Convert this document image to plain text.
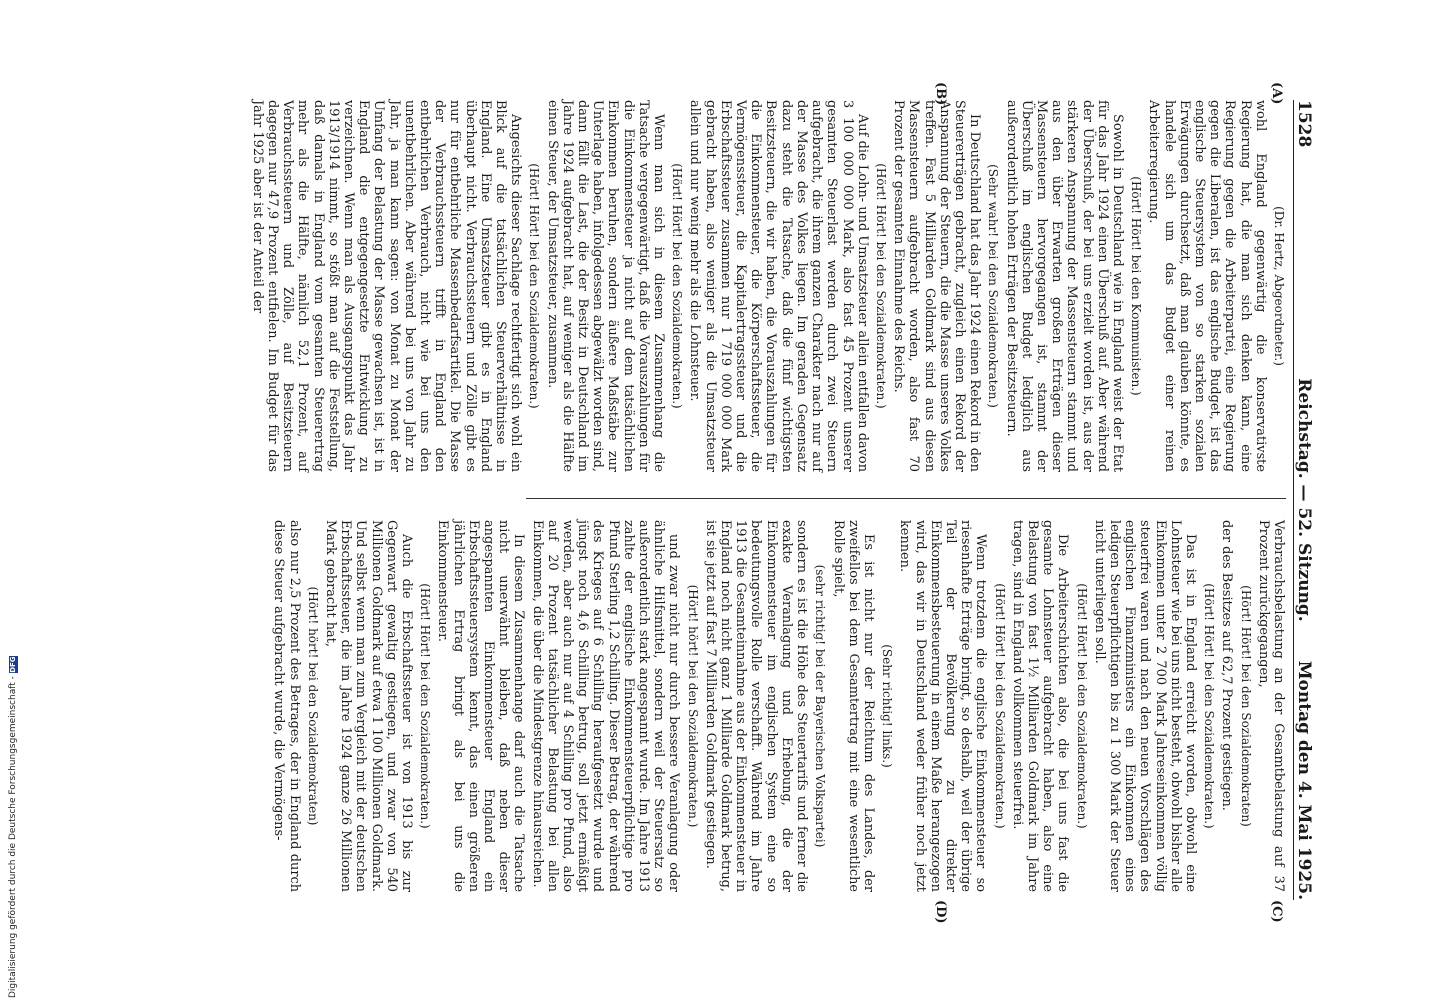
1528
Reichstag. — 52. Sitzung.
Montag den 4. Mai 1925.
(A)
(B)
(C)
(D)

(Dr. Hertz, Abgeordneter.)

wohl England gegenwärtig die konservativste Regierung hat, die man sich denken kann, eine Regierung gegen die Arbeiterpartei, eine Regierung gegen die Liberalen, ist das englische Budget, ist das englische Steuersystem von so starken sozialen Erwägungen durchsetzt, daß man glauben könnte, es handele sich um das Budget einer reinen Arbeiterregierung.

(Hört! Hört! bei den Kommunisten.)

Sowohl in Deutschland wie in England weist der Etat für das Jahr 1924 einen Überschuß auf. Aber während der Überschuß, der bei uns erzielt worden ist, aus der stärkeren Anspannung der Massensteuern stammt und aus den über Erwarten großen Erträgen dieser Massensteuern hervorgegangen ist, stammt der Überschuß im englischen Budget lediglich aus außerordentlich hohen Erträgen der Besitzsteuern.

(Sehr wahr! bei den Sozialdemokraten.)

In Deutschland hat das Jahr 1924 einen Rekord in den Steuererträgen gebracht, zugleich einen Rekord der Anspannung der Steuern, die die Masse unseres Volkes treffen. Fast 5 Milliarden Goldmark sind aus diesen Massensteuern aufgebracht worden, also fast 70 Prozent der gesamten Einnahme des Reichs.

(Hört! Hört! bei den Sozialdemokraten.)

Auf die Lohn- und Umsatzsteuer allein entfallen davon 3 100 000 000 Mark, also fast 45 Prozent unserer gesamten Steuerlast werden durch zwei Steuern aufgebracht, die ihrem ganzen Charakter nach nur auf der Masse des Volkes liegen. Im geraden Gegensatz dazu steht die Tatsache, daß die fünf wichtigsten Besitzsteuern, die wir haben, die Vorauszahlungen für die Einkommensteuer, die Körperschaftssteuer, die Vermögenssteuer, die Kapitalertragssteuer und die Erbschaftssteuer zusammen nur 1 719 000 000 Mark gebracht haben, also weniger als die Umsatzsteuer allein und nur wenig mehr als die Lohnsteuer.

(Hört! Hört! bei den Sozialdemokraten.)

Wenn man sich in diesem Zusammenhang die Tatsache vergegenwärtigt, daß die Vorauszahlungen für die Einkommensteuer ja nicht auf dem tatsächlichen Einkommen beruhen, sondern äußere Maßstäbe zur Unterlage haben, infolgedessen abgewälzt worden sind, dann fällt die Last, die der Besitz in Deutschland im Jahre 1924 aufgebracht hat, auf weniger als die Hälfte einen Steuer, der Umsatzsteuer, zusammen.

(Hört! Hört! bei den Sozialdemokraten.)

Angesichts dieser Sachlage rechtfertigt sich wohl ein Blick auf die tatsächlichen Steuerverhältnisse in England. Eine Umsatzsteuer gibt es in England überhaupt nicht. Verbrauchssteuern und Zölle gibt es nur für entbehrliche Massenbedarfsartikel. Die Masse der Verbrauchssteuern trifft in England den entbehrlichen Verbrauch, nicht wie bei uns den unentbehrlichen. Aber während bei uns von Jahr zu Jahr, ja man kann sagen: von Monat zu Monat der Umfang der Belastung der Masse gewachsen ist, ist in England die entgegengesetzte Entwicklung zu verzeichnen. Wenn man als Ausgangspunkt das Jahr 1913/1914 nimmt, so stößt man auf die Feststellung, daß damals in England vom gesamten Steuerertrag mehr als die Hälfte, nämlich 52,1 Prozent, auf Verbrauchssteuern und Zölle, auf Besitzsteuern dagegen nur 47,9 Prozent entfielen. Im Budget für das Jahr 1925 aber ist der Anteil der

Verbrauchsbelastung an der Gesamtbelastung auf 37 Prozent zurückgegangen,

(Hört! Hört! bei den Sozialdemokraten)

der des Besitzes auf 62,7 Prozent gestiegen.

(Hört! Hört! bei den Sozialdemokraten.)

Das ist in England erreicht worden, obwohl eine Lohnsteuer wie bei uns nicht besteht, obwohl bisher alle Einkommen unter 2 700 Mark Jahreseinkommen völlig steuerfrei waren und nach den neuen Vorschlägen des englischen Finanzministers ein Einkommen eines ledigen Steuerpflichtigen bis zu 1 300 Mark der Steuer nicht unterliegen soll.

(Hört! Hört! bei den Sozialdemokraten.)

Die Arbeiterschichten also, die bei uns fast die gesamte Lohnsteuer aufgebracht haben, also eine Belastung von fast 1½ Milliarden Goldmark im Jahre tragen, sind in England vollkommen steuerfrei.

(Hört! Hört! bei den Sozialdemokraten.)

Wenn trotzdem die englische Einkommensteuer so riesenhafte Erträge bringt, so deshalb, weil der übrige Teil der Bevölkerung zu direkter Einkommensbesteuerung in einem Maße herangezogen wird, das wir in Deutschland weder früher noch jetzt kennen.

(Sehr richtig! links.)

Es ist nicht nur der Reichtum des Landes, der zweifellos bei dem Gesamtertrag mit eine wesentliche Rolle spielt,

(sehr richtig! bei der Bayerischen Volkspartei)

sondern es ist die Höhe des Steuertarifs und ferner die exakte Veranlagung und Erhebung, die der Einkommensteuer im englischen System eine so bedeutungsvolle Rolle verschafft. Während im Jahre 1913 die Gesamteinnahme aus der Einkommensteuer in England noch nicht ganz 1 Milliarde Goldmark betrug, ist sie jetzt auf fast 7 Milliarden Goldmark gestiegen.

(Hört! hört! bei den Sozialdemokraten.)

und zwar nicht nur durch bessere Veranlagung oder ähnliche Hilfsmittel, sondern weil der Steuersatz so außerordentlich stark angespannt wurde. Im Jahre 1913 zahlte der englische Einkommensteuerpflichtige pro Pfund Sterling 1,2 Schilling. Dieser Betrag, der während des Krieges auf 6 Schilling heraufgesetzt wurde und jüngst noch 4,6 Schilling betrug, soll jetzt ermäßigt werden, aber auch nur auf 4 Schilling pro Pfund, also auf 20 Prozent tatsächlicher Belastung bei allen Einkommen, die über die Mindestgrenze hinausreichen.

In diesem Zusammenhange darf auch die Tatsache nicht unerwähnt bleiben, daß neben dieser angespannten Einkommensteuer England ein Erbschaftssteuersystem kennt, das einen größeren jährlichen Ertrag bringt als bei uns die Einkommensteuer.

(Hört! Hört! bei den Sozialdemokraten.)

Auch die Erbschaftssteuer ist von 1913 bis zur Gegenwart gewaltig gestiegen, und zwar von 540 Millionen Goldmark auf etwa 1 100 Millionen Goldmark. Und selbst wenn man zum Vergleich mit der deutschen Erbschaftssteuer, die im Jahre 1924 ganze 26 Millionen Mark gebracht hat,

(Hört! hört! bei den Sozialdemokraten)

also nur 2,5 Prozent des Betrages, der in England durch diese Steuer aufgebracht wurde, die Vermögens-

Digitalisierung gefördert durch die Deutsche Forschungsgemeinschaft -
DFG
